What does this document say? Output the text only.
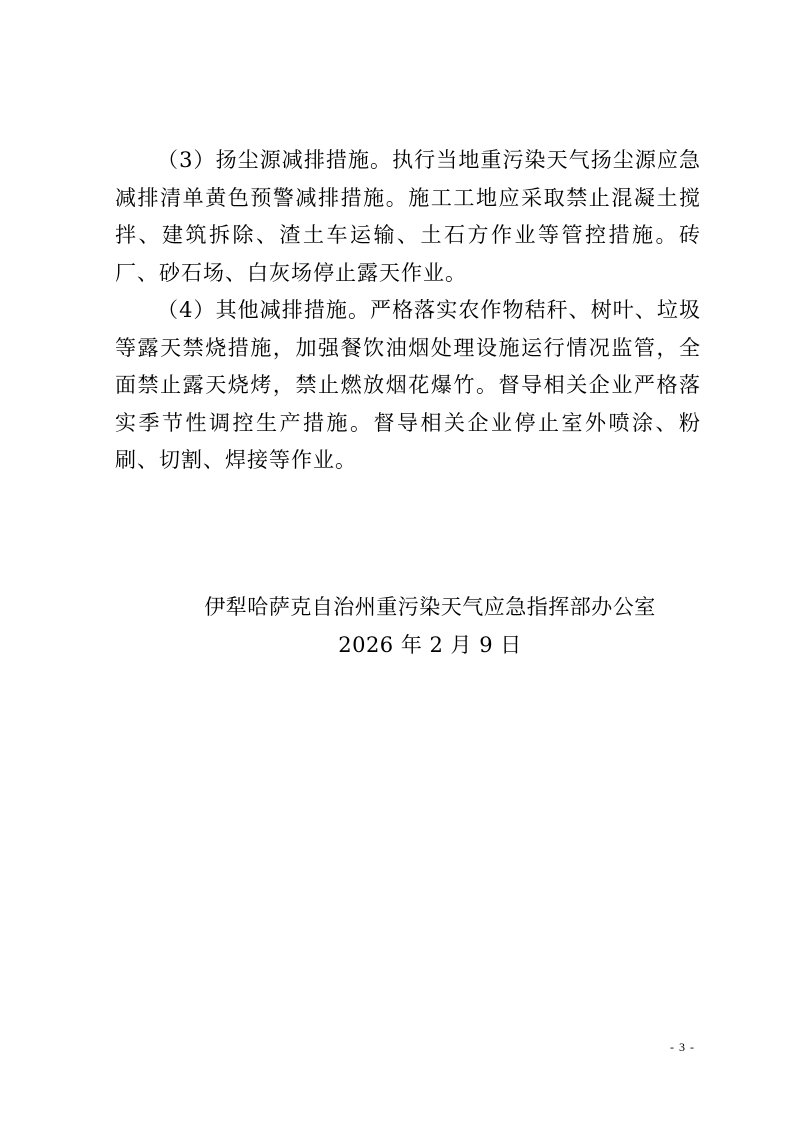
（3）扬尘源减排措施。执行当地重污染天气扬尘源应急减排清单黄色预警减排措施。施工工地应采取禁止混凝土搅拌、建筑拆除、渣土车运输、土石方作业等管控措施。砖厂、砂石场、白灰场停止露天作业。

（4）其他减排措施。严格落实农作物秸秆、树叶、垃圾等露天禁烧措施，加强餐饮油烟处理设施运行情况监管，全面禁止露天烧烤，禁止燃放烟花爆竹。督导相关企业严格落实季节性调控生产措施。督导相关企业停止室外喷涂、粉刷、切割、焊接等作业。

伊犁哈萨克自治州重污染天气应急指挥部办公室
2026 年 2 月 9 日
- 3 -
